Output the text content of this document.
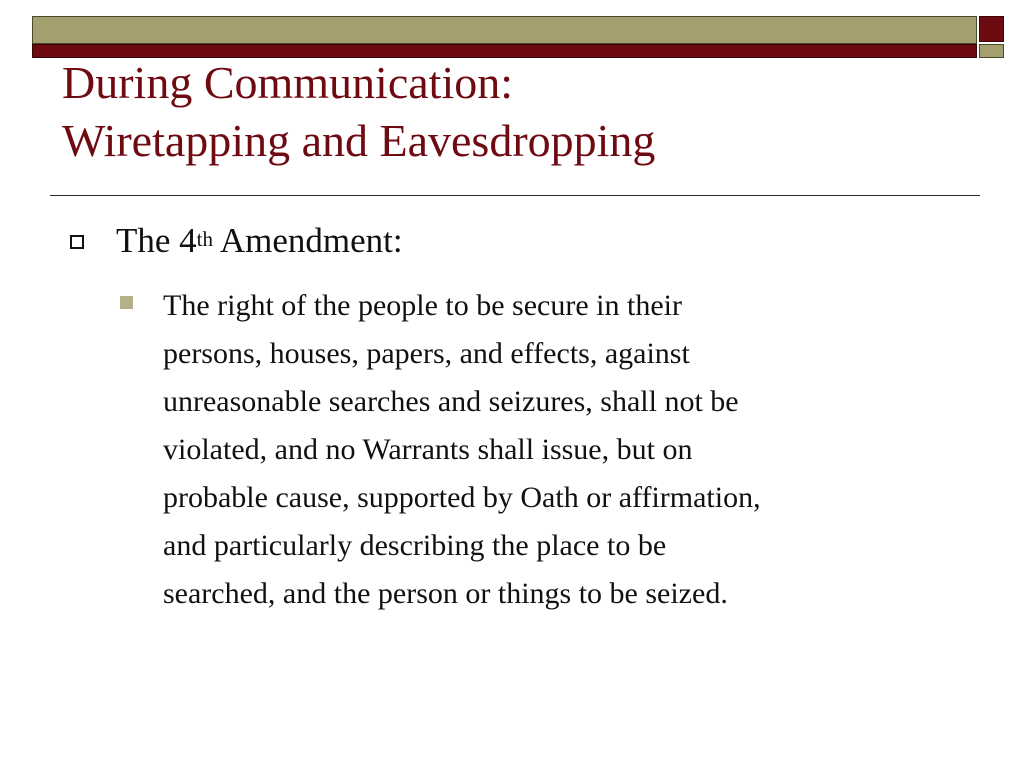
During Communication:
Wiretapping and Eavesdropping
The 4th Amendment:
The right of the people to be secure in their
persons, houses, papers, and effects, against
unreasonable searches and seizures, shall not be
violated, and no Warrants shall issue, but on
probable cause, supported by Oath or affirmation,
and particularly describing the place to be
searched, and the person or things to be seized.
